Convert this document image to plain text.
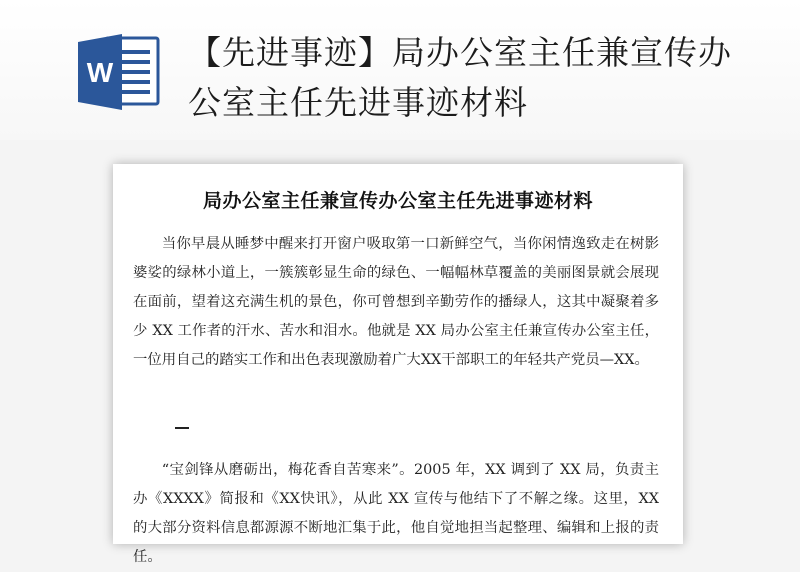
W
【先进事迹】局办公室主任兼宣传办公室主任先进事迹材料
局办公室主任兼宣传办公室主任先进事迹材料

当你早晨从睡梦中醒来打开窗户吸取第一口新鲜空气，当你闲情逸致走在树影婆娑的绿林小道上，一簇簇彰显生命的绿色、一幅幅林草覆盖的美丽图景就会展现在面前，望着这充满生机的景色，你可曾想到辛勤劳作的播绿人，这其中凝聚着多少 XX 工作者的汗水、苦水和泪水。他就是 XX 局办公室主任兼宣传办公室主任，一位用自己的踏实工作和出色表现激励着广大XX干部职工的年轻共产党员—XX。

“宝剑锋从磨砺出，梅花香自苦寒来”。2005 年，XX 调到了 XX 局，负责主办《XXXX》简报和《XX快讯》，从此 XX 宣传与他结下了不解之缘。这里，XX 的大部分资料信息都源源不断地汇集于此，他自觉地担当起整理、编辑和上报的责任。
